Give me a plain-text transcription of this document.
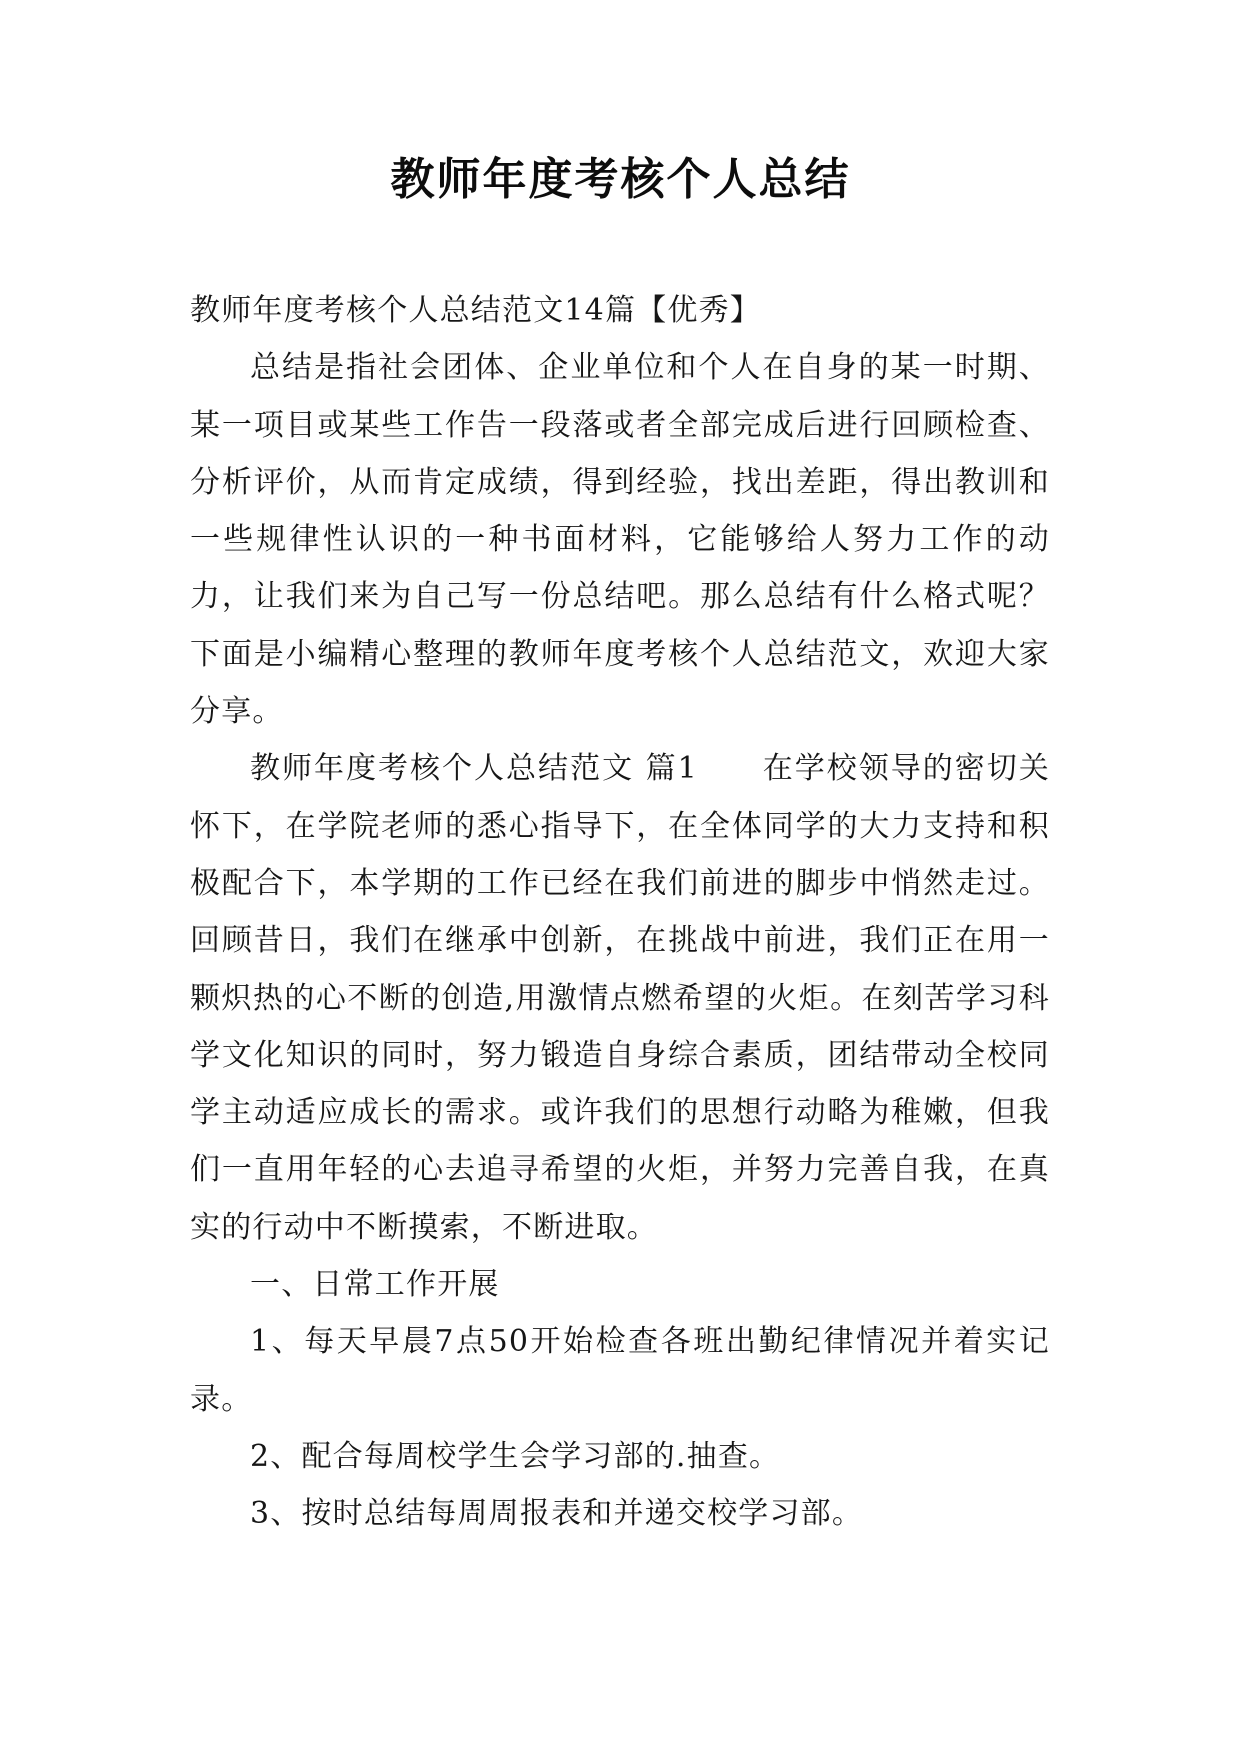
教师年度考核个人总结

教师年度考核个人总结范文14篇【优秀】

总结是指社会团体、企业单位和个人在自身的某一时期、某一项目或某些工作告一段落或者全部完成后进行回顾检查、分析评价，从而肯定成绩，得到经验，找出差距，得出教训和一些规律性认识的一种书面材料，它能够给人努力工作的动力，让我们来为自己写一份总结吧。那么总结有什么格式呢？下面是小编精心整理的教师年度考核个人总结范文，欢迎大家分享。

教师年度考核个人总结范文 篇1　　在学校领导的密切关怀下，在学院老师的悉心指导下，在全体同学的大力支持和积极配合下，本学期的工作已经在我们前进的脚步中悄然走过。回顾昔日，我们在继承中创新，在挑战中前进，我们正在用一颗炽热的心不断的创造,用激情点燃希望的火炬。在刻苦学习科学文化知识的同时，努力锻造自身综合素质，团结带动全校同学主动适应成长的需求。或许我们的思想行动略为稚嫩，但我们一直用年轻的心去追寻希望的火炬，并努力完善自我，在真实的行动中不断摸索，不断进取。

一、日常工作开展

1、每天早晨7点50开始检查各班出勤纪律情况并着实记录。

2、配合每周校学生会学习部的.抽查。

3、按时总结每周周报表和并递交校学习部。
